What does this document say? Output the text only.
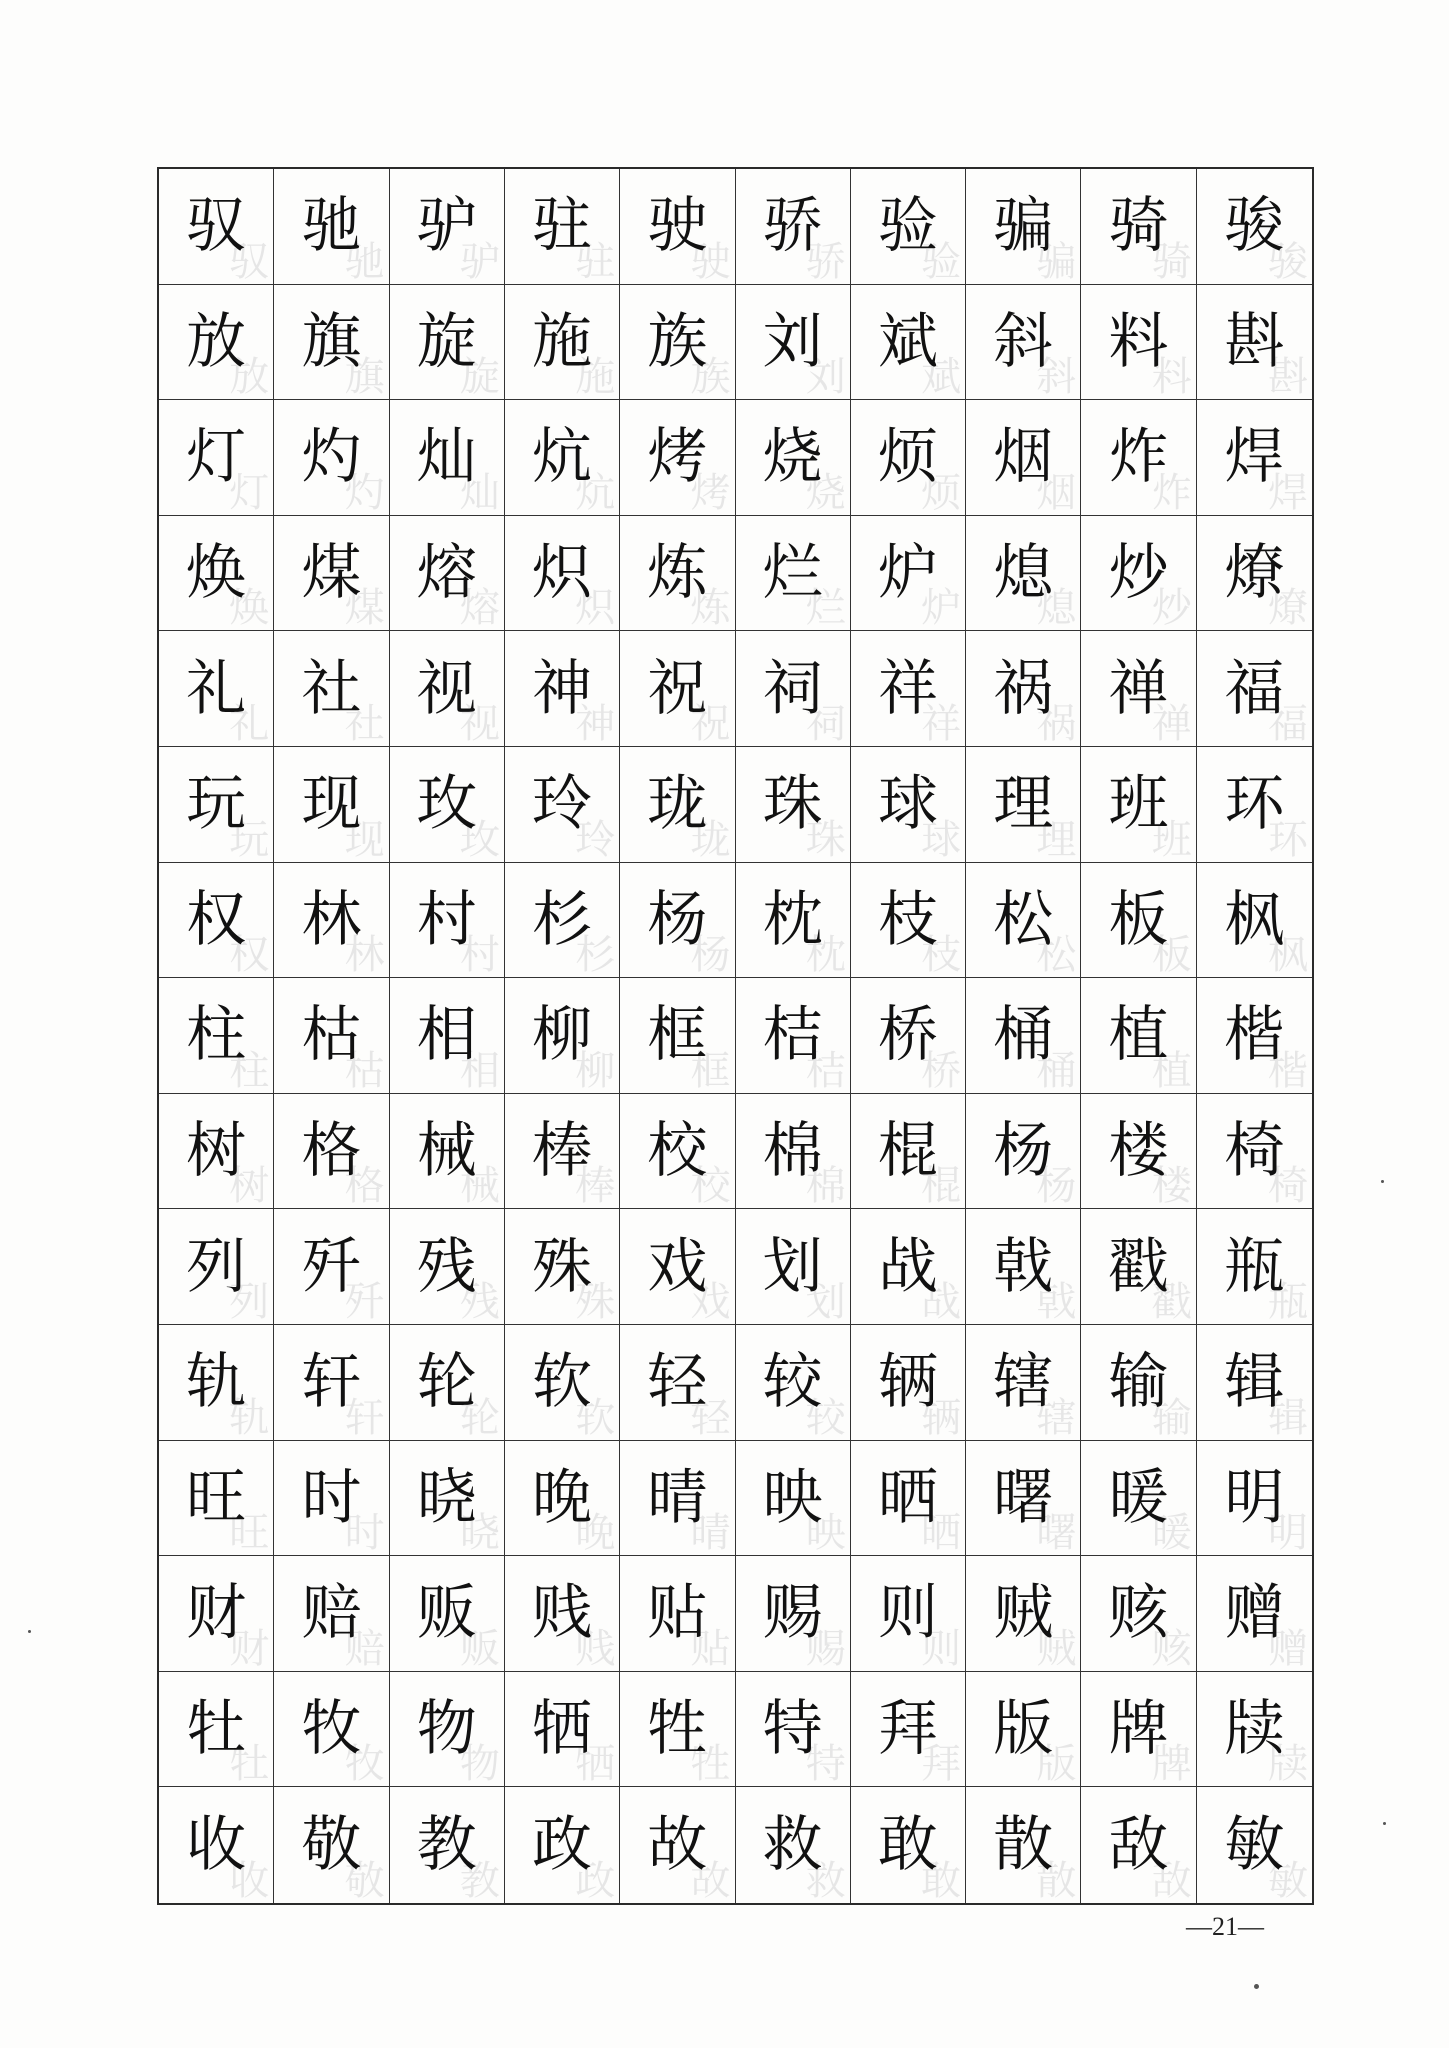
驭
驭
驰
驰
驴
驴
驻
驻
驶
驶
骄
骄
验
验
骗
骗
骑
骑
骏
骏
放
放
旗
旗
旋
旋
施
施
族
族
刘
刘
斌
斌
斜
斜
料
料
斟
斟
灯
灯
灼
灼
灿
灿
炕
炕
烤
烤
烧
烧
烦
烦
烟
烟
炸
炸
焊
焊
焕
焕
煤
煤
熔
熔
炽
炽
炼
炼
烂
烂
炉
炉
熄
熄
炒
炒
燎
燎
礼
礼
社
社
视
视
神
神
祝
祝
祠
祠
祥
祥
祸
祸
禅
禅
福
福
玩
玩
现
现
玫
玫
玲
玲
珑
珑
珠
珠
球
球
理
理
班
班
环
环
权
权
林
林
村
村
杉
杉
杨
杨
枕
枕
枝
枝
松
松
板
板
枫
枫
柱
柱
枯
枯
相
相
柳
柳
框
框
桔
桔
桥
桥
桶
桶
植
植
楷
楷
树
树
格
格
械
械
棒
棒
校
校
棉
棉
棍
棍
杨
杨
楼
楼
椅
椅
列
列
歼
歼
残
残
殊
殊
戏
戏
划
划
战
战
戟
戟
戳
戳
瓶
瓶
轨
轨
轩
轩
轮
轮
软
软
轻
轻
较
较
辆
辆
辖
辖
输
输
辑
辑
旺
旺
时
时
晓
晓
晚
晚
晴
晴
映
映
晒
晒
曙
曙
暖
暖
明
明
财
财
赔
赔
贩
贩
贱
贱
贴
贴
赐
赐
则
则
贼
贼
赅
赅
赠
赠
牡
牡
牧
牧
物
物
牺
牺
牲
牲
特
特
拜
拜
版
版
牌
牌
牍
牍
收
收
敬
敬
教
教
政
政
故
故
救
救
敢
敢
散
散
敌
敌
敏
敏
—21—
